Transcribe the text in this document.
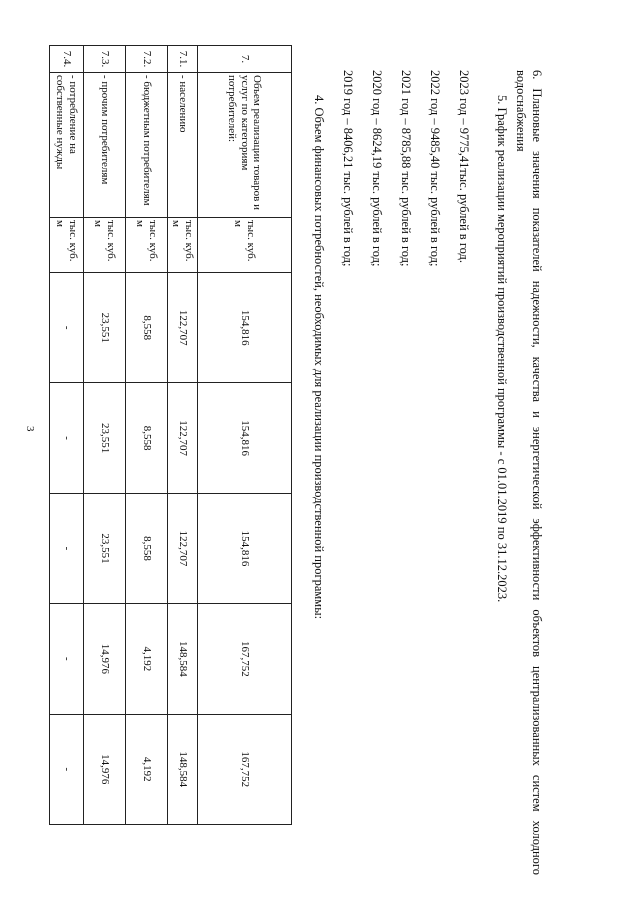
3
7.	Объем реализации товаров и услуг по категориям потребителей:	тыс. куб. м	154,816	154,816	154,816	167,752	167,752
7.1.	- населению	тыс. куб. м	122,707	122,707	122,707	148,584	148,584
7.2.	- бюджетным потребителям	тыс. куб. м	8,558	8,558	8,558	4,192	4,192
7.3.	- прочим потребителям	тыс. куб. м	23,551	23,551	23,551	14,976	14,976
7.4.	- потребление на собственные нужды	тыс. куб. м	-	-	-	-	-
4. Объем финансовых потребностей, необходимых для реализации производственной программы: 2019 год – 8406,21 тыс. рублей в год; 2020 год – 8624,19 тыс. рублей в год; 2021 год – 8785,88 тыс. рублей в год; 2022 год – 9485,40 тыс. рублей в год; 2023 год – 9775,41тыс. рублей в год. 5. График реализации мероприятий производственной программы - с 01.01.2019 по 31.12.2023.	6. Плановые значения показателей надежности, качества и энергетической эффективности объектов централизованных систем холодного водоснабжения
